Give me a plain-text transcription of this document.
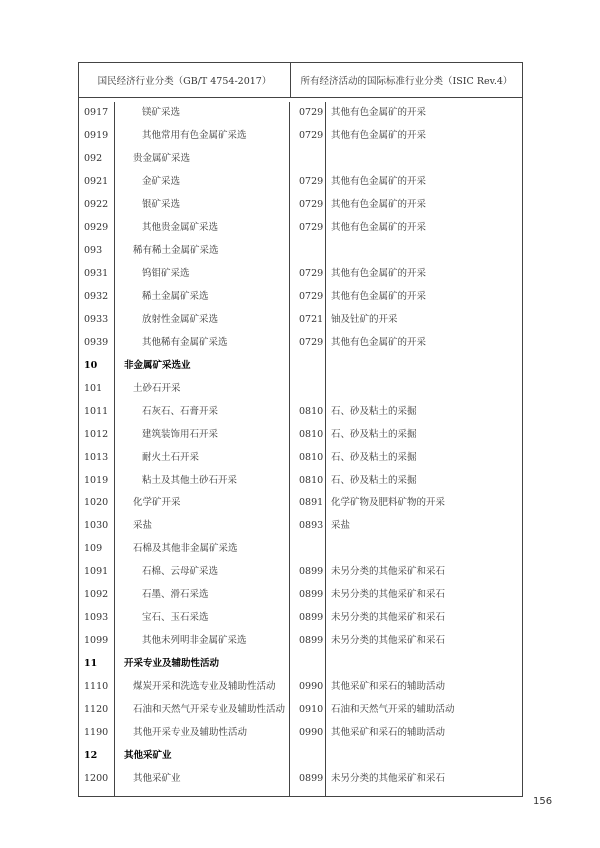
国民经济行业分类（GB/T 4754-2017）	所有经济活动的国际标准行业分类（ISIC Rev.4）
0917	镁矿采选	0729 其他有色金属矿的开采
0919	其他常用有色金属矿采选	0729 其他有色金属矿的开采
092	贵金属矿采选
0921	金矿采选	0729 其他有色金属矿的开采
0922	银矿采选	0729 其他有色金属矿的开采
0929	其他贵金属矿采选	0729 其他有色金属矿的开采
093	稀有稀土金属矿采选
0931	钨钼矿采选	0729 其他有色金属矿的开采
0932	稀土金属矿采选	0729 其他有色金属矿的开采
0933	放射性金属矿采选	0721 铀及钍矿的开采
0939	其他稀有金属矿采选	0729 其他有色金属矿的开采
10	非金属矿采选业
101	土砂石开采
1011	石灰石、石膏开采	0810 石、砂及粘土的采掘
1012	建筑装饰用石开采	0810 石、砂及粘土的采掘
1013	耐火土石开采	0810 石、砂及粘土的采掘
1019	粘土及其他土砂石开采	0810 石、砂及粘土的采掘
1020	化学矿开采	0891 化学矿物及肥料矿物的开采
1030	采盐	0893 采盐
109	石棉及其他非金属矿采选
1091	石棉、云母矿采选	0899 未另分类的其他采矿和采石
1092	石墨、滑石采选	0899 未另分类的其他采矿和采石
1093	宝石、玉石采选	0899 未另分类的其他采矿和采石
1099	其他未列明非金属矿采选	0899 未另分类的其他采矿和采石
11	开采专业及辅助性活动
1110	煤炭开采和洗选专业及辅助性活动	0990 其他采矿和采石的辅助活动
1120	石油和天然气开采专业及辅助性活动	0910 石油和天然气开采的辅助活动
1190	其他开采专业及辅助性活动	0990 其他采矿和采石的辅助活动
12	其他采矿业
1200	其他采矿业	0899 未另分类的其他采矿和采石
156
